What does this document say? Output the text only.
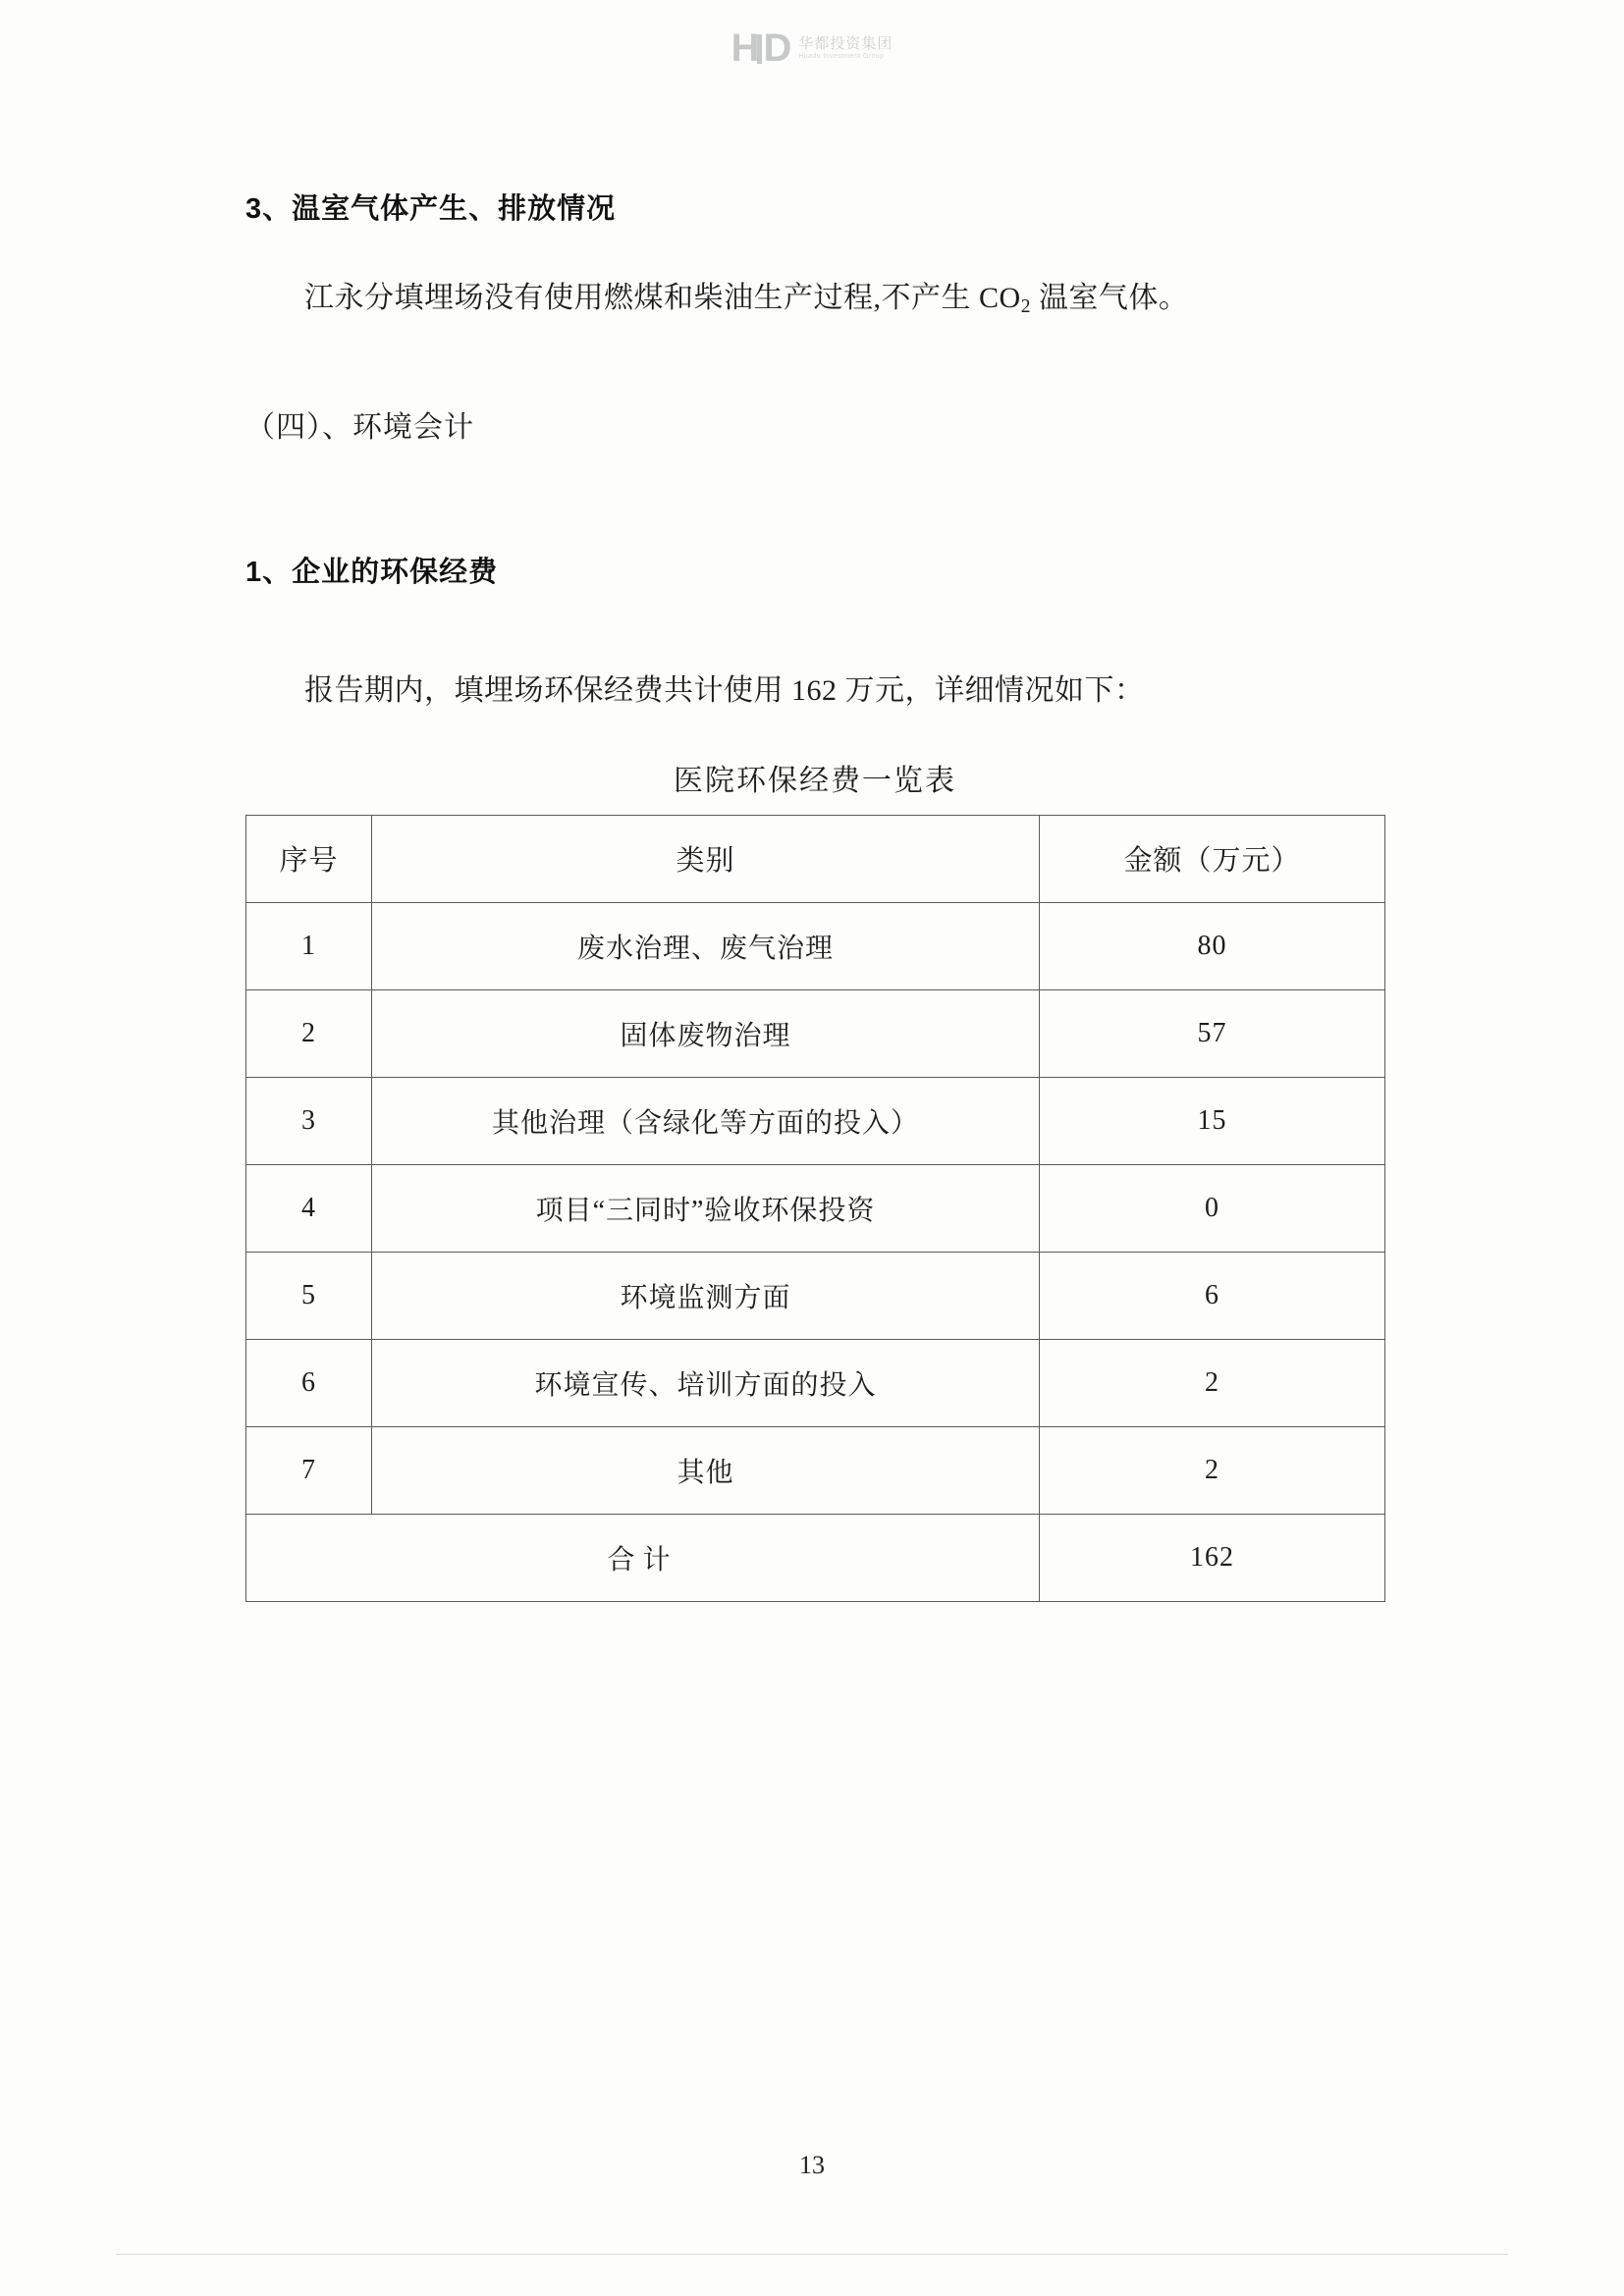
H D 华都投资集团
Huadu Investment Group
3、温室气体产生、排放情况

江永分填埋场没有使用燃煤和柴油生产过程,不产生 $CO_2$ 温室气体。

（四）、环境会计

1、企业的环保经费

报告期内，填埋场环保经费共计使用 162 万元，详细情况如下：

医院环保经费一览表

序号	类别	金额（万元）
1	废水治理、废气治理	80
2	固体废物治理	57
3	其他治理（含绿化等方面的投入）	15
4	项目“三同时”验收环保投资	0
5	环境监测方面	6
6	环境宣传、培训方面的投入	2
7	其他	2
合计		162
13
